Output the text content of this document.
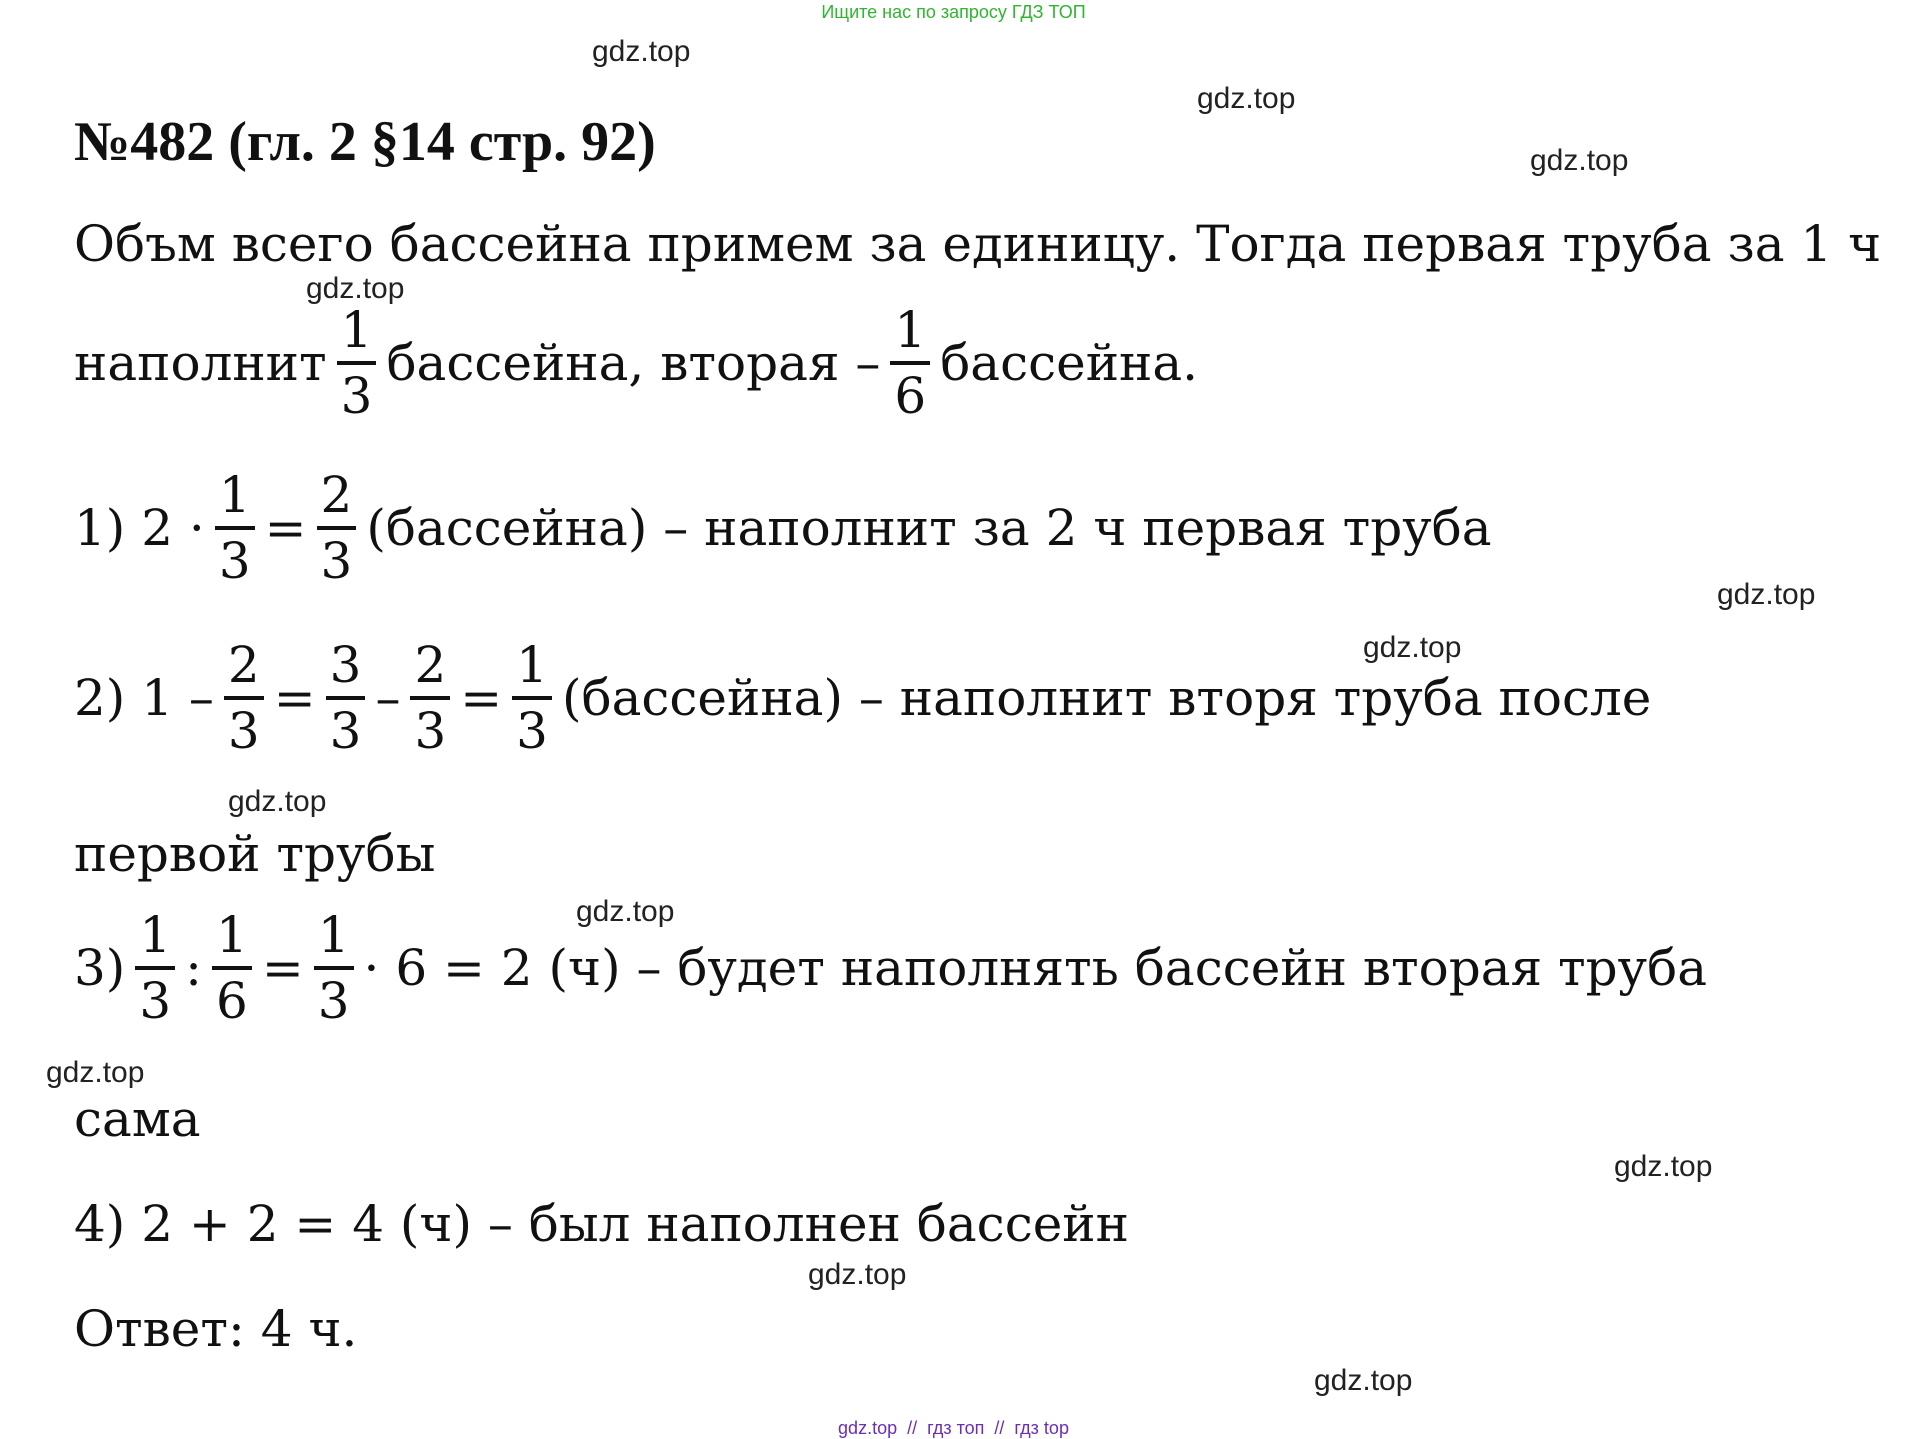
Ищите нас по запросу ГДЗ ТОП
№482 (гл. 2 §14 стр. 92)
Объм всего бассейна примем за единицу. Тогда первая труба за 1 ч
наполнит $\frac{1}{3}$ бассейна, вторая – $\frac{1}{6}$ бассейна.
1) $2 \cdot \frac{1}{3} = \frac{2}{3}$ (бассейна) – наполнит за 2 ч первая труба
2) $1 - \frac{2}{3} = \frac{3}{3} - \frac{2}{3} = \frac{1}{3}$ (бассейна) – наполнит вторя труба после
первой трубы
$3) \frac{1}{3}$ : $\frac{1}{6} = \frac{1}{3} \cdot 6 = 2$ (ч) – будет наполнять бассейн вторая труба
сама
4) 2 + 2 = 4 (ч) – был наполнен бассейн
Ответ: 4 ч.
gdz.top
gdz.top
gdz.top
gdz.top
gdz.top
gdz.top
gdz.top
gdz.top
gdz.top
gdz.top
gdz.top
gdz.top
gdz.top  //  гдз топ  //  гдз top
